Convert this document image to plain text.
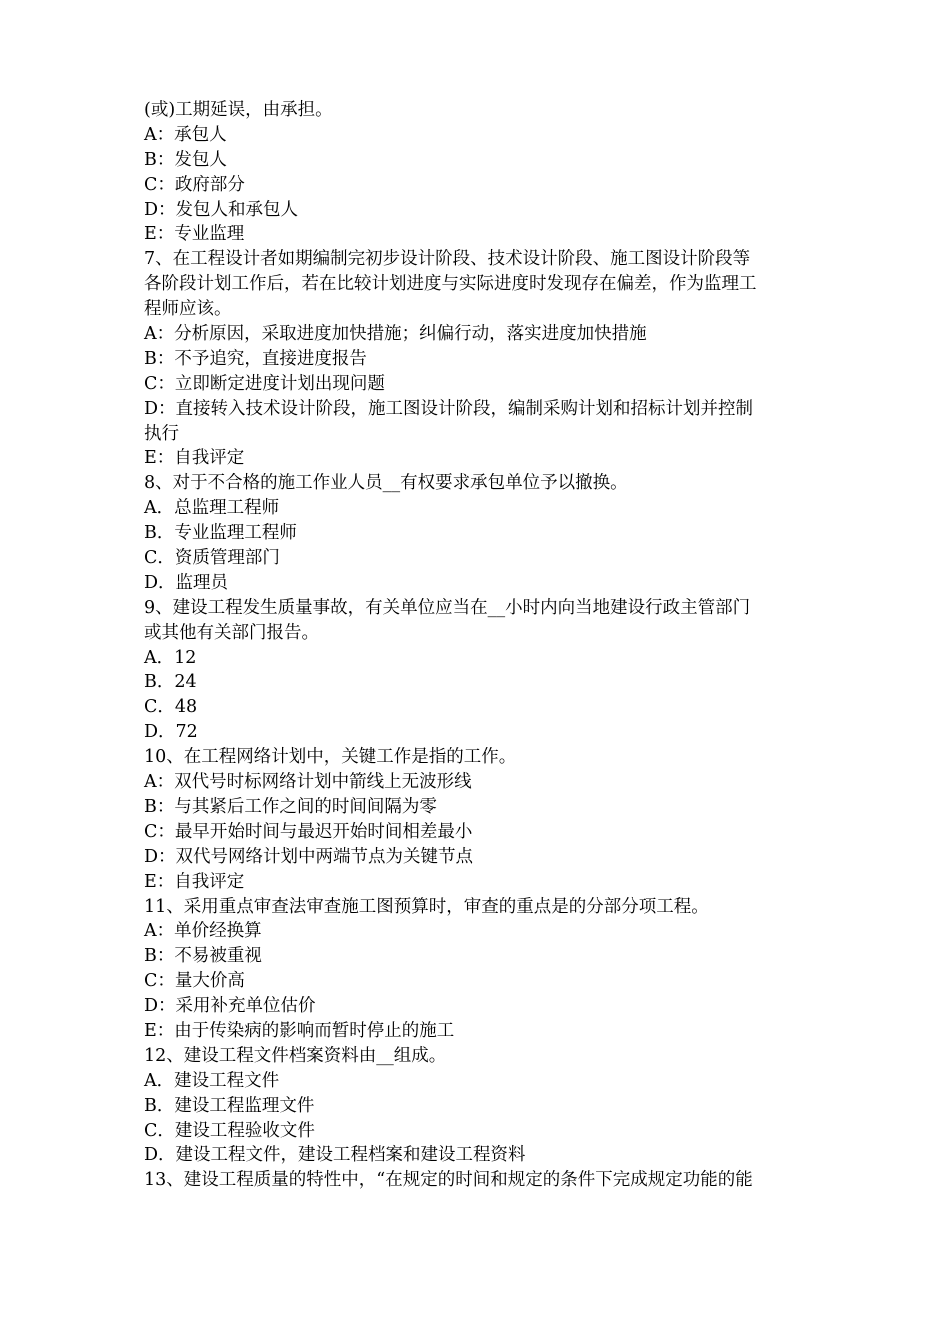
(或)工期延误，由承担。
A：承包人
B：发包人
C：政府部分
D：发包人和承包人
E：专业监理
7、在工程设计者如期编制完初步设计阶段、技术设计阶段、施工图设计阶段等
各阶段计划工作后，若在比较计划进度与实际进度时发现存在偏差，作为监理工
程师应该。
A：分析原因，采取进度加快措施；纠偏行动，落实进度加快措施
B：不予追究，直接进度报告
C：立即断定进度计划出现问题
D：直接转入技术设计阶段，施工图设计阶段，编制采购计划和招标计划并控制
执行
E：自我评定
8、对于不合格的施工作业人员__有权要求承包单位予以撤换。
A．总监理工程师
B．专业监理工程师
C．资质管理部门
D．监理员
9、建设工程发生质量事故，有关单位应当在__小时内向当地建设行政主管部门
或其他有关部门报告。
A．12
B．24
C．48
D．72
10、在工程网络计划中，关键工作是指的工作。
A：双代号时标网络计划中箭线上无波形线
B：与其紧后工作之间的时间间隔为零
C：最早开始时间与最迟开始时间相差最小
D：双代号网络计划中两端节点为关键节点
E：自我评定
11、采用重点审查法审查施工图预算时，审查的重点是的分部分项工程。
A：单价经换算
B：不易被重视
C：量大价高
D：采用补充单位估价
E：由于传染病的影响而暂时停止的施工
12、建设工程文件档案资料由__组成。
A．建设工程文件
B．建设工程监理文件
C．建设工程验收文件
D．建设工程文件，建设工程档案和建设工程资料
13、建设工程质量的特性中，“在规定的时间和规定的条件下完成规定功能的能
